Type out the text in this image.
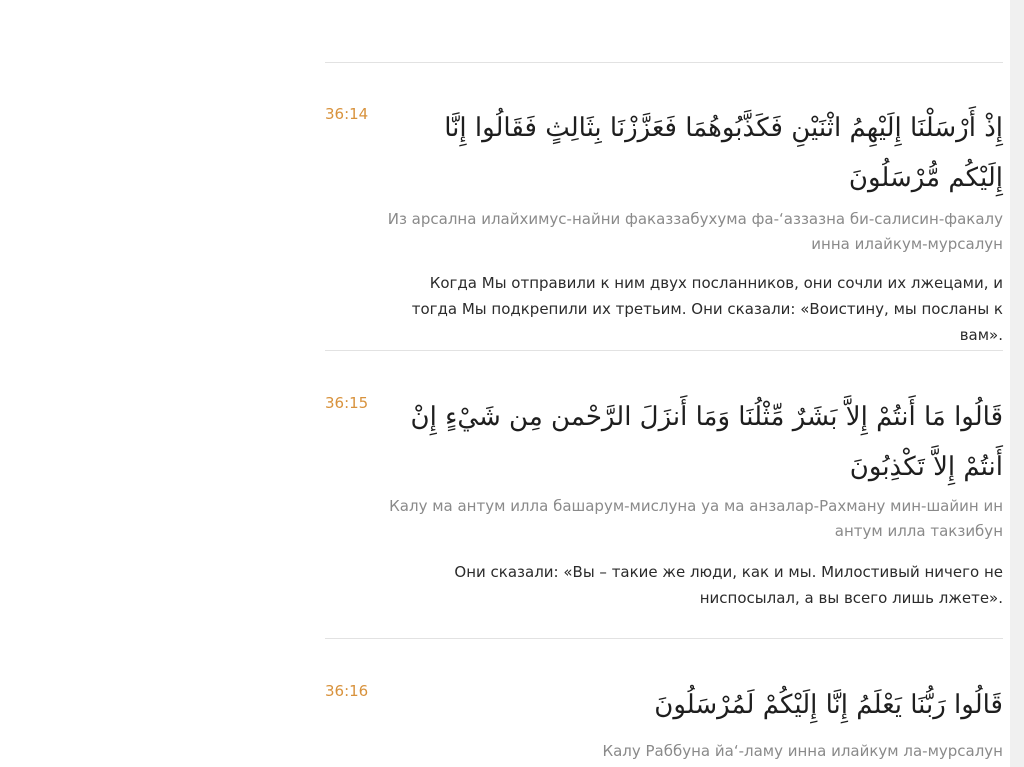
36:14	إِذْ أَرْسَلْنَا إِلَيْهِمُ اثْنَيْنِ فَكَذَّبُوهُمَا فَعَزَّزْنَا بِثَالِثٍ فَقَالُوا إِنَّا إِلَيْكُم مُّرْسَلُونَ
Из арсална илайхимус-найни факаззабухума фа-‘аззазна би-салисин-факалу инна илайкум-мурсалун
Когда Мы отправили к ним двух посланников, они сочли их лжецами, и тогда Мы подкрепили их третьим. Они сказали: «Воистину, мы посланы к вам».
36:15	قَالُوا مَا أَنتُمْ إِلاَّ بَشَرٌ مِّثْلُنَا وَمَا أَنزَلَ الرَّحْمن مِن شَيْءٍ إِنْ أَنتُمْ إِلاَّ تَكْذِبُونَ
Калу ма антум илла башарум-мислуна уа ма анзалар-Рахману мин-шайин ин антум илла такзибун
Они сказали: «Вы – такие же люди, как и мы. Милостивый ничего не ниспосылал, а вы всего лишь лжете».
36:16	قَالُوا رَبُّنَا يَعْلَمُ إِنَّا إِلَيْكُمْ لَمُرْسَلُونَ
Калу Раббуна йа‘-ламу инна илайкум ла-мурсалун
